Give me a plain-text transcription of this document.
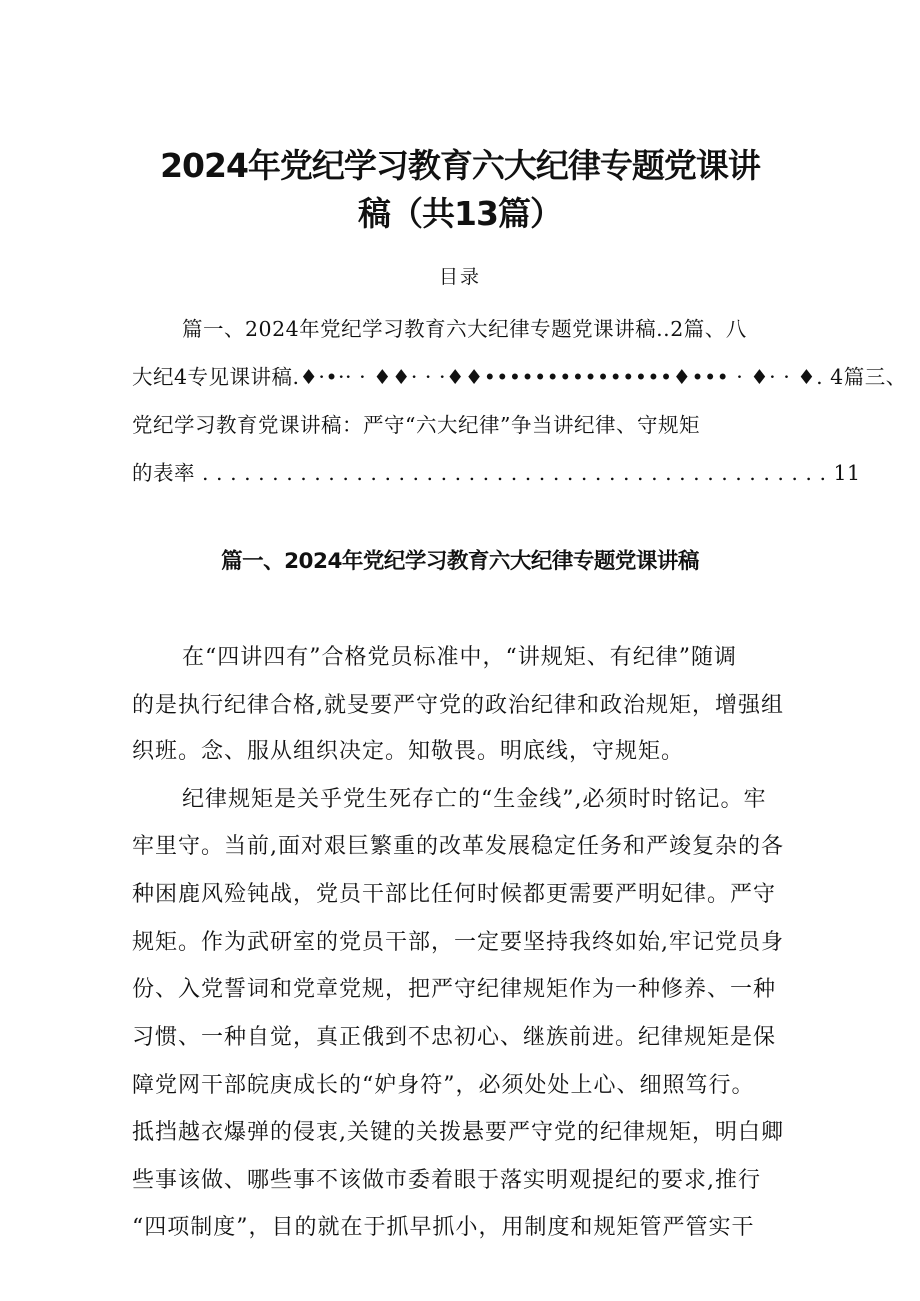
2024年党纪学习教育六大纪律专题党课讲
稿（共13篇）
目录
篇一、2024年党纪学习教育六大纪律专题党课讲稿..2篇、八
大纪4专见课讲稿.♦·•·· · ♦♦· · ·♦♦•••••••••••••••♦••• · ♦· · ♦. 4篇三、
党纪学习教育党课讲稿：严守“六大纪律”争当讲纪律、守规矩
的表率 . . . . . . . . . . . . . . . . . . . . . . . . . . . . . . . . . . . . . . . . . . . . . 11
篇一、2024年党纪学习教育六大纪律专题党课讲稿
在“四讲四有”合格党员标准中，“讲规矩、有纪律”随调
的是执行纪律合格,就旻要严守党的政治纪律和政治规矩，增强组
织班。念、服从组织决定。知敬畏。明底线，守规矩。
纪律规矩是关乎党生死存亡的“生金线”,必须时时铭记。牢
牢里守。当前,面对艰巨繁重的改革发展稳定任务和严竣复杂的各
种困鹿风殓钝战，党员干部比任何时候都更需要严明妃律。严守
规矩。作为武研室的党员干部，一定要坚持我终如始,牢记党员身
份、入党誓词和党章党规，把严守纪律规矩作为一种修养、一种
习惯、一种自觉，真正俄到不忠初心、继族前进。纪律规矩是保
障党网干部皖庚成长的“妒身符”，必须处处上心、细照笃行。
抵挡越衣爆弹的侵衷,关键的关拨悬要严守党的纪律规矩，明白卿
些事该做、哪些事不该做市委着眼于落实明观提纪的要求,推行
“四项制度”，目的就在于抓早抓小，用制度和规矩管严管实干
